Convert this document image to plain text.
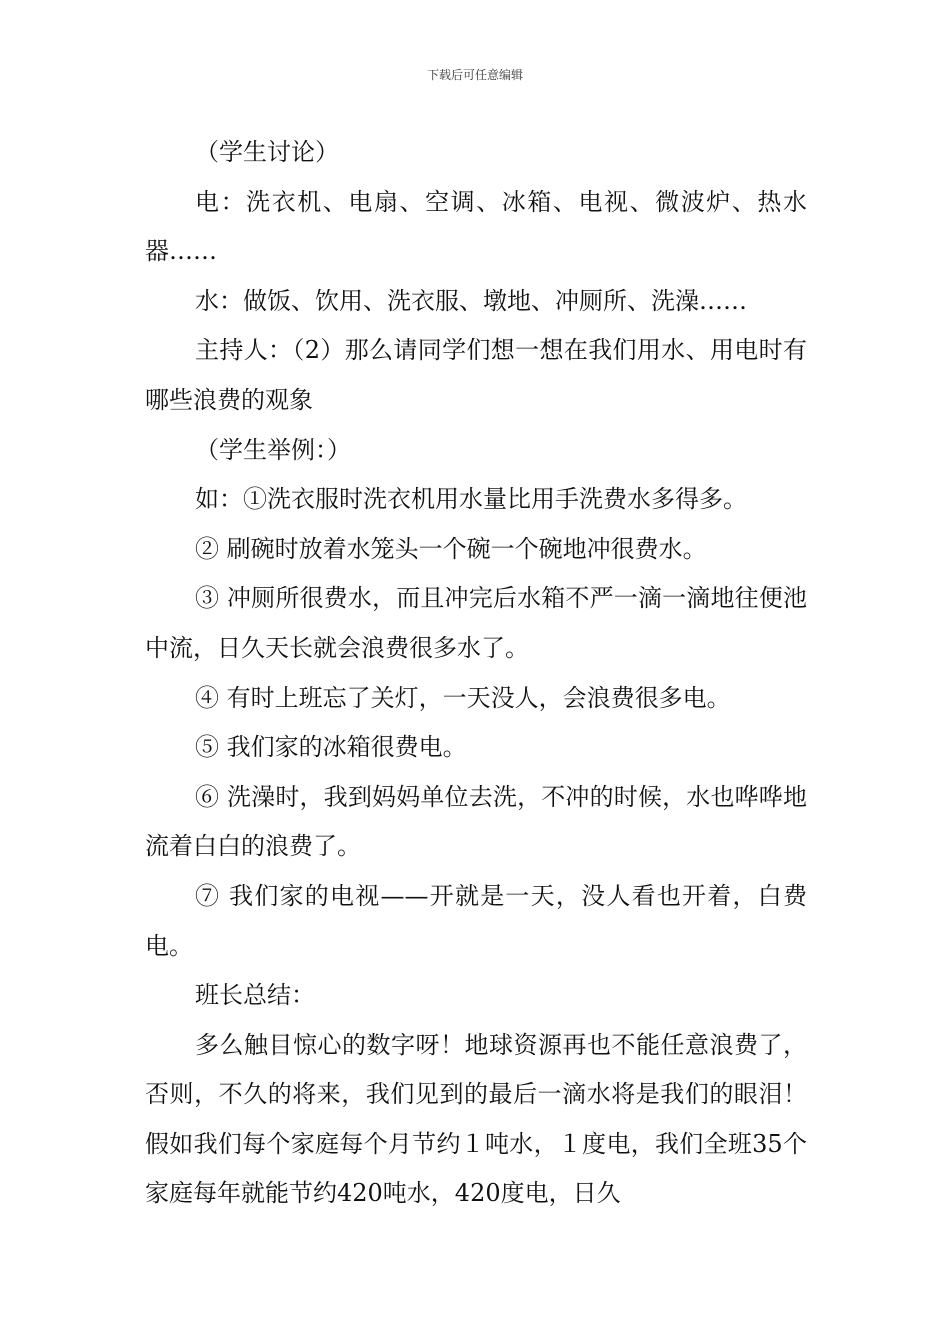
下载后可任意编辑

（学生讨论）

电：洗衣机、电扇、空调、冰箱、电视、微波炉、热水器……

水：做饭、饮用、洗衣服、墩地、冲厕所、洗澡……

主持人：（2）那么请同学们想一想在我们用水、用电时有哪些浪费的观象

（学生举例：）

如：①洗衣服时洗衣机用水量比用手洗费水多得多。

② 刷碗时放着水笼头一个碗一个碗地冲很费水。

③ 冲厕所很费水，而且冲完后水箱不严一滴一滴地往便池中流，日久天长就会浪费很多水了。

④ 有时上班忘了关灯，一天没人，会浪费很多电。

⑤ 我们家的冰箱很费电。

⑥ 洗澡时，我到妈妈单位去洗，不冲的时候，水也哗哗地流着白白的浪费了。

⑦ 我们家的电视——开就是一天，没人看也开着，白费电。

班长总结：

多么触目惊心的数字呀！地球资源再也不能任意浪费了，否则，不久的将来，我们见到的最后一滴水将是我们的眼泪！假如我们每个家庭每个月节约１吨水，１度电，我们全班35个家庭每年就能节约420吨水，420度电，日久
